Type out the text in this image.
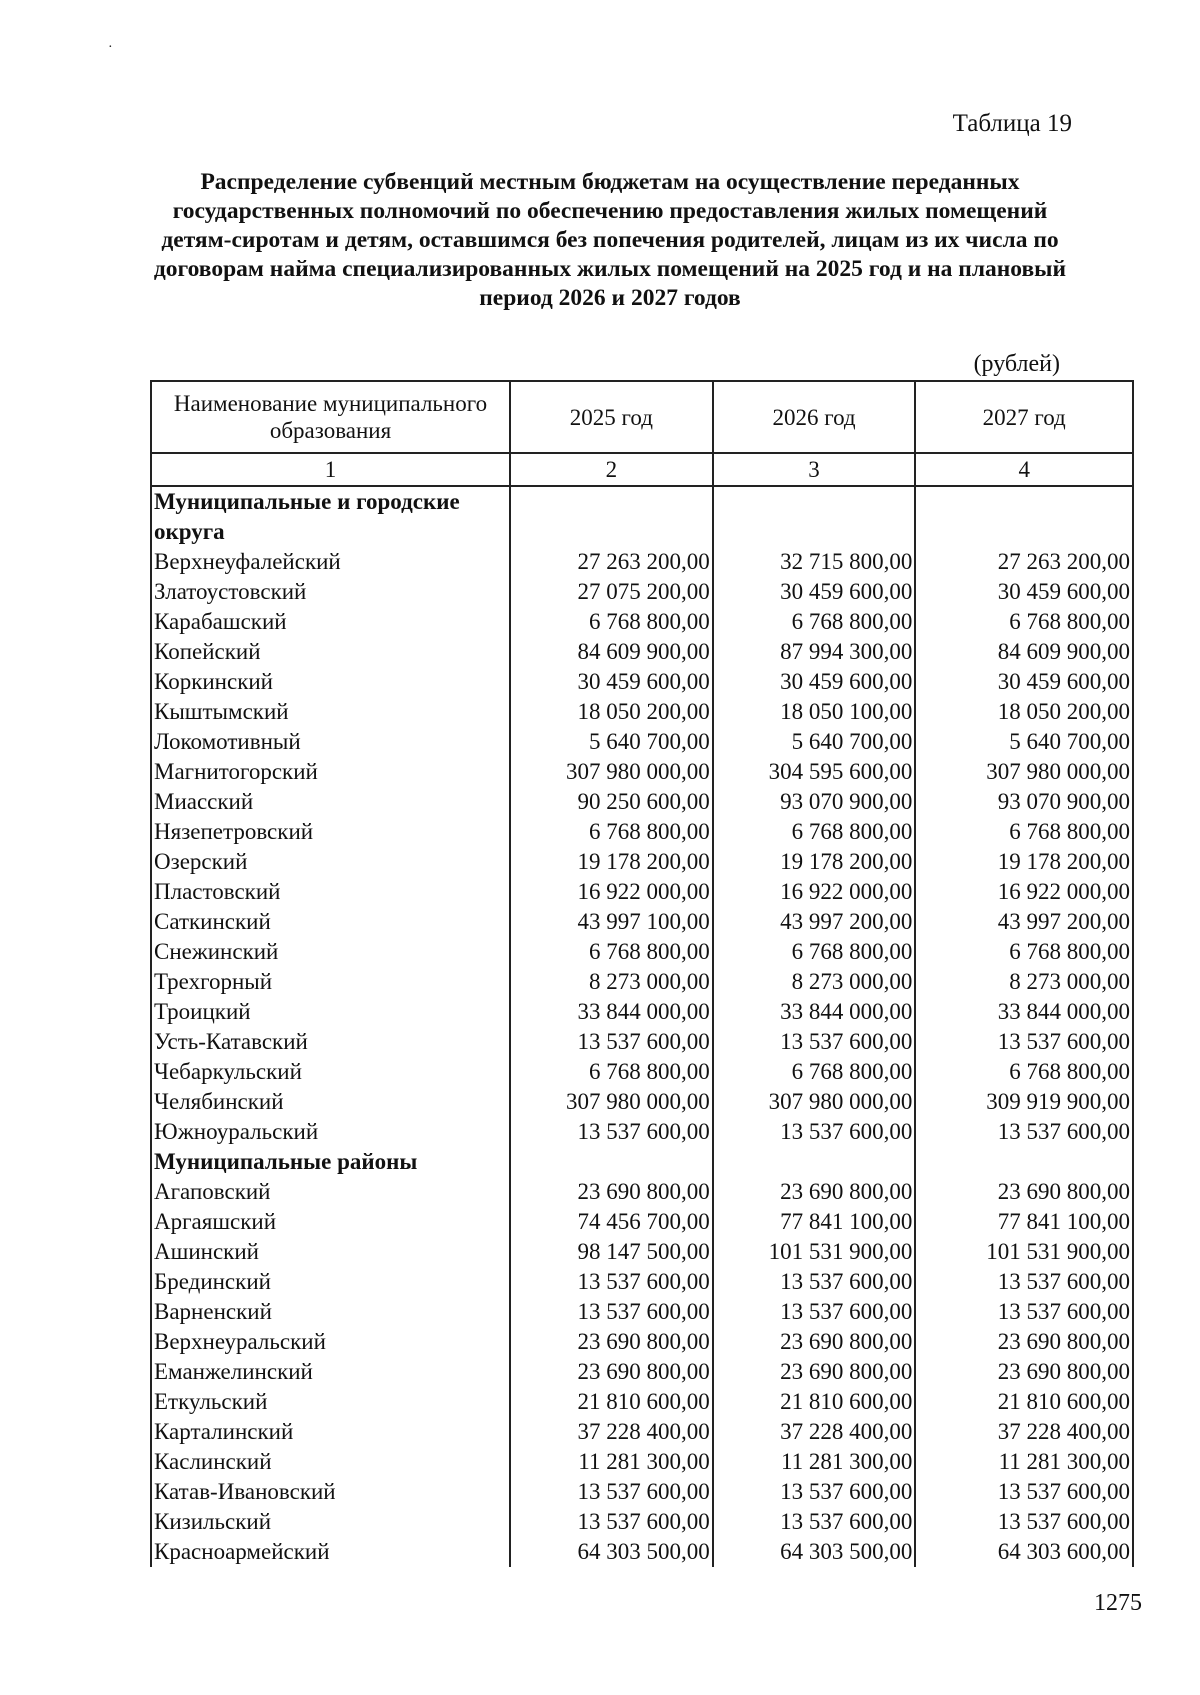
·
Таблица 19
Распределение субвенций местным бюджетам на осуществление переданных государственных полномочий по обеспечению предоставления жилых помещений детям-сиротам и детям, оставшимся без попечения родителей, лицам из их числа по договорам найма специализированных жилых помещений на 2025 год и на плановый период 2026 и 2027 годов
(рублей)
Наименование муниципального образования	2025 год	2026 год	2027 год
1	2	3	4
Муниципальные и городские округа			
Верхнеуфалейский	27 263 200,00	32 715 800,00	27 263 200,00
Златоустовский	27 075 200,00	30 459 600,00	30 459 600,00
Карабашский	6 768 800,00	6 768 800,00	6 768 800,00
Копейский	84 609 900,00	87 994 300,00	84 609 900,00
Коркинский	30 459 600,00	30 459 600,00	30 459 600,00
Кыштымский	18 050 200,00	18 050 100,00	18 050 200,00
Локомотивный	5 640 700,00	5 640 700,00	5 640 700,00
Магнитогорский	307 980 000,00	304 595 600,00	307 980 000,00
Миасский	90 250 600,00	93 070 900,00	93 070 900,00
Нязепетровский	6 768 800,00	6 768 800,00	6 768 800,00
Озерский	19 178 200,00	19 178 200,00	19 178 200,00
Пластовский	16 922 000,00	16 922 000,00	16 922 000,00
Саткинский	43 997 100,00	43 997 200,00	43 997 200,00
Снежинский	6 768 800,00	6 768 800,00	6 768 800,00
Трехгорный	8 273 000,00	8 273 000,00	8 273 000,00
Троицкий	33 844 000,00	33 844 000,00	33 844 000,00
Усть-Катавский	13 537 600,00	13 537 600,00	13 537 600,00
Чебаркульский	6 768 800,00	6 768 800,00	6 768 800,00
Челябинский	307 980 000,00	307 980 000,00	309 919 900,00
Южноуральский	13 537 600,00	13 537 600,00	13 537 600,00
Муниципальные районы			
Агаповский	23 690 800,00	23 690 800,00	23 690 800,00
Аргаяшский	74 456 700,00	77 841 100,00	77 841 100,00
Ашинский	98 147 500,00	101 531 900,00	101 531 900,00
Брединский	13 537 600,00	13 537 600,00	13 537 600,00
Варненский	13 537 600,00	13 537 600,00	13 537 600,00
Верхнеуральский	23 690 800,00	23 690 800,00	23 690 800,00
Еманжелинский	23 690 800,00	23 690 800,00	23 690 800,00
Еткульский	21 810 600,00	21 810 600,00	21 810 600,00
Карталинский	37 228 400,00	37 228 400,00	37 228 400,00
Каслинский	11 281 300,00	11 281 300,00	11 281 300,00
Катав-Ивановский	13 537 600,00	13 537 600,00	13 537 600,00
Кизильский	13 537 600,00	13 537 600,00	13 537 600,00
Красноармейский	64 303 500,00	64 303 500,00	64 303 600,00
1275
